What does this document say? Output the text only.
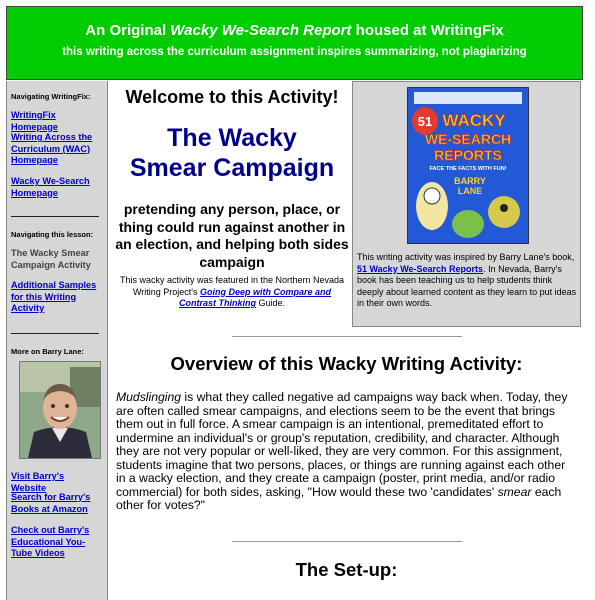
An Original Wacky We-Search Report housed at WritingFix
this writing across the curriculum assignment inspires summarizing, not plagiarizing
Navigating WritingFix:
WritingFix Homepage
Writing Across the Curriculum (WAC) Homepage
Wacky We-Search Homepage
Navigating this lesson:
The Wacky Smear Campaign Activity
Additional Samples for this Writing Activity
More on Barry Lane:
Visit Barry's Website
Search for Barry's Books at Amazon
Check out Barry's Educational You-Tube Videos
Welcome to this Activity!
The Wacky
Smear Campaign
pretending any person, place, or thing could run against another in an election, and helping both sides campaign
This wacky activity was featured in the Northern Nevada Writing Project's Going Deep with Compare and Contrast Thinking Guide.
51 WACKY
WE-SEARCH
REPORTS
FACE THE FACTS WITH FUN!
BARRY
LANE
This writing activity was inspired by Barry Lane's book, 51 Wacky We-Search Reports. In Nevada, Barry's book has been teaching us to help students think deeply about learned content as they learn to put ideas in their own words.
Overview of this Wacky Writing Activity:
Mudslinging is what they called negative ad campaigns way back when. Today, they are often called smear campaigns, and elections seem to be the event that brings them out in full force. A smear campaign is an intentional, premeditated effort to undermine an individual's or group's reputation, credibility, and character. Although they are not very popular or well-liked, they are very common. For this assignment, students imagine that two persons, places, or things are running against each other in a wacky election, and they create a campaign (poster, print media, and/or radio commercial) for both sides, asking, "How would these two 'candidates' smear each other for votes?"
The Set-up:
